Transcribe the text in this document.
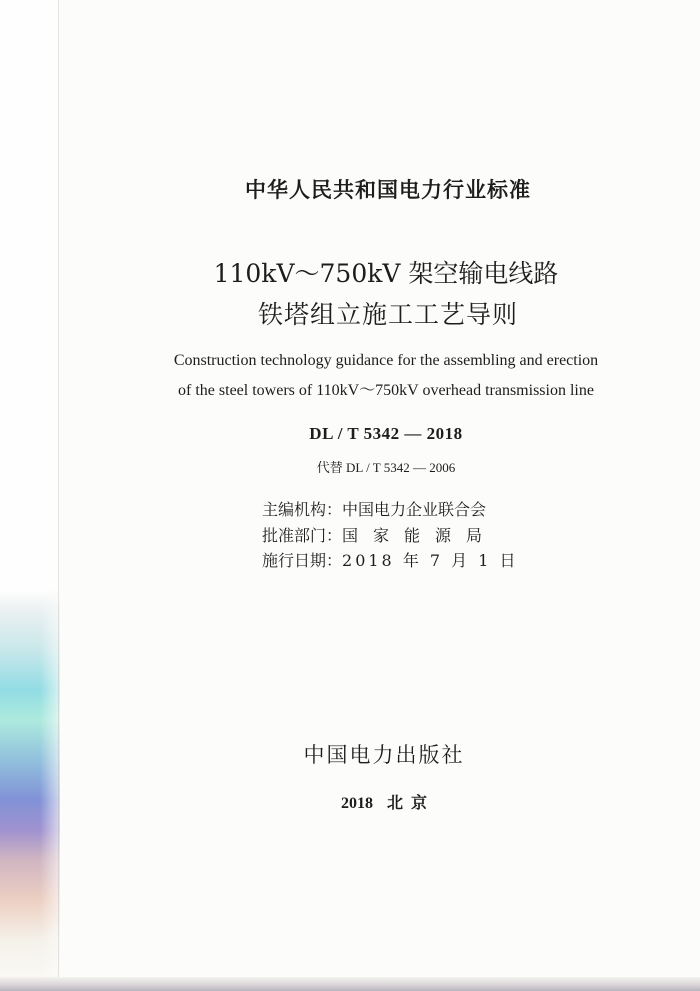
中华人民共和国电力行业标准
110kV～750kV 架空输电线路
铁塔组立施工工艺导则
Construction technology guidance for the assembling and erection
of the steel towers of 110kV～750kV overhead transmission line
DL / T 5342 — 2018
代替 DL / T 5342 — 2006
主编机构：中国电力企业联合会
批准部门：国家能源局
施行日期：2018 年 7 月 1 日
中国电力出版社
2018 北  京
